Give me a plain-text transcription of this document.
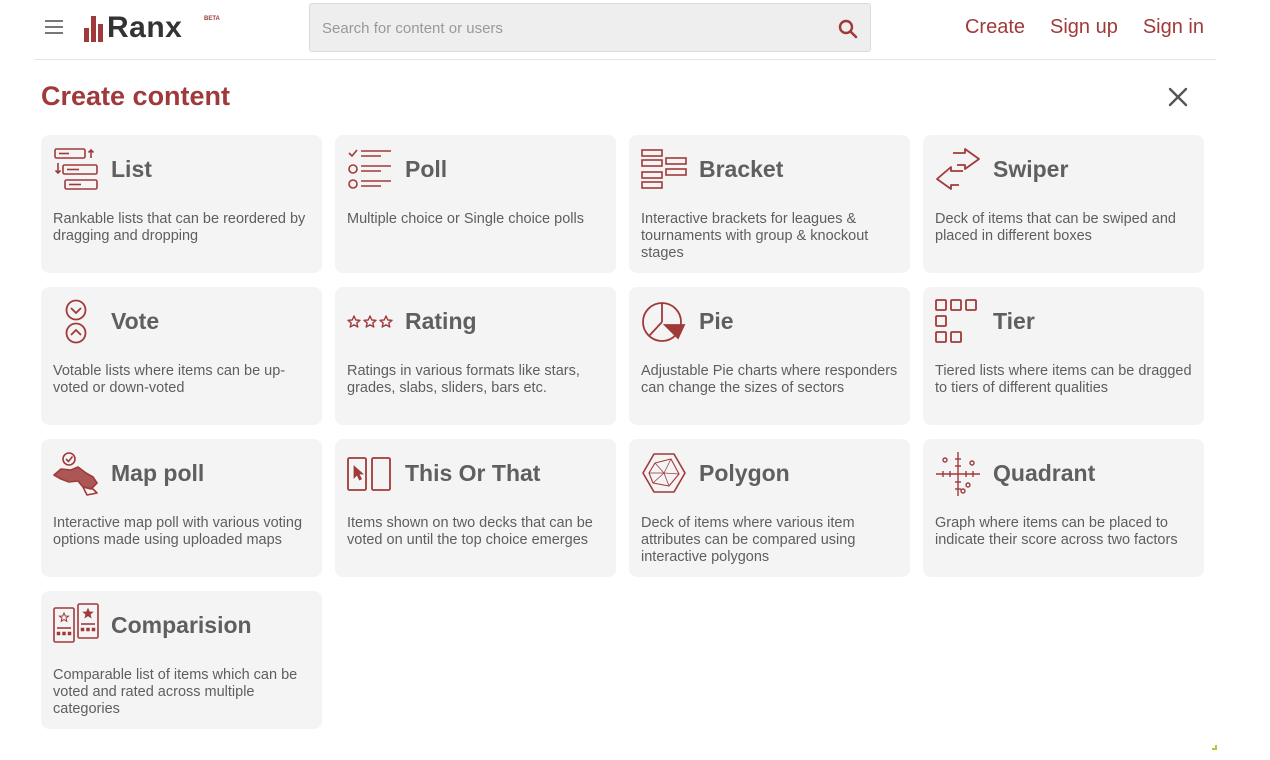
Ranx	BETA
Search for content or users	Create Sign up Sign in
Create content
List
Rankable lists that can be reordered by dragging and dropping
Poll
Multiple choice or Single choice polls
Bracket
Interactive brackets for leagues & tournaments with group & knockout stages
Swiper
Deck of items that can be swiped and placed in different boxes
Vote
Votable lists where items can be up-voted or down-voted
Rating
Ratings in various formats like stars, grades, slabs, sliders, bars etc.
Pie
Adjustable Pie charts where responders can change the sizes of sectors
Tier
Tiered lists where items can be dragged to tiers of different qualities
Map poll
Interactive map poll with various voting options made using uploaded maps
This Or That
Items shown on two decks that can be voted on until the top choice emerges
Polygon
Deck of items where various item attributes can be compared using interactive polygons
Quadrant
Graph where items can be placed to indicate their score across two factors
Comparision
Comparable list of items which can be voted and rated across multiple categories
